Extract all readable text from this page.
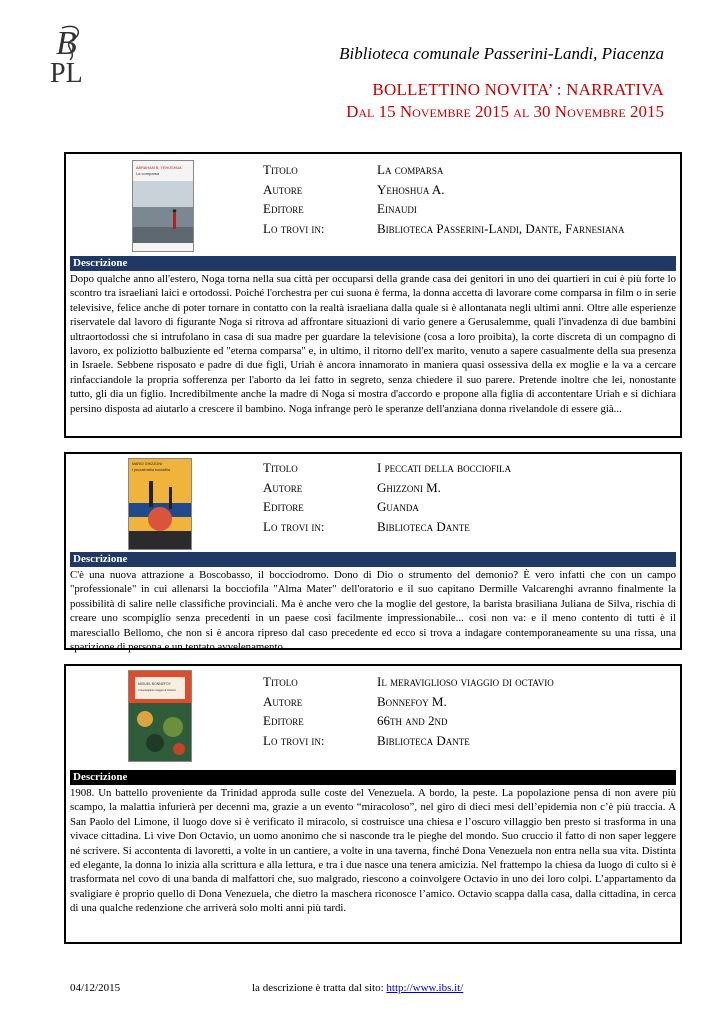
B
PL
Biblioteca comunale Passerini-Landi, Piacenza
BOLLETTINO NOVITA’ : NARRATIVA
Dal 15 Novembre 2015 al 30 Novembre 2015
ABRAHAM B. YEHOSHUA
La comparsa	Titolo	La comparsa
Autore	Yehoshua A.
Editore	Einaudi
Lo trovi in:	Biblioteca Passerini-Landi, Dante, Farnesiana
Descrizione
Dopo qualche anno all'estero, Noga torna nella sua città per occuparsi della grande casa dei genitori in uno dei quartieri in cui è più forte lo scontro tra israeliani laici e ortodossi. Poiché l'orchestra per cui suona è ferma, la donna accetta di lavorare come comparsa in film o in serie televisive, felice anche di poter tornare in contatto con la realtà israeliana dalla quale si è allontanata negli ultimi anni. Oltre alle esperienze riservatele dal lavoro di figurante Noga si ritrova ad affrontare situazioni di vario genere a Gerusalemme, quali l'invadenza di due bambini ultraortodossi che si intrufolano in casa di sua madre per guardare la televisione (cosa a loro proibita), la corte discreta di un compagno di lavoro, ex poliziotto balbuziente ed "eterna comparsa" e, in ultimo, il ritorno dell'ex marito, venuto a sapere casualmente della sua presenza in Israele. Sebbene risposato e padre di due figli, Uriah è ancora innamorato in maniera quasi ossessiva della ex moglie e la va a cercare rinfacciandole la propria sofferenza per l'aborto da lei fatto in segreto, senza chiedere il suo parere. Pretende inoltre che lei, nonostante tutto, gli dia un figlio. Incredibilmente anche la madre di Noga si mostra d'accordo e propone alla figlia di accontentare Uriah e si dichiara persino disposta ad aiutarlo a crescere il bambino. Noga infrange però le speranze dell'anziana donna rivelandole di essere già...
MARIO GHIZZONI
I peccati della bocciofila	Titolo	I peccati della bocciofila
Autore	Ghizzoni M.
Editore	Guanda
Lo trovi in:	Biblioteca Dante
Descrizione
C'è una nuova attrazione a Boscobasso, il bocciodromo. Dono di Dio o strumento del demonio? È vero infatti che con un campo "professionale" in cui allenarsi la bocciofila "Alma Mater" dell'oratorio e il suo capitano Dermille Valcarenghi avranno finalmente la possibilità di salire nelle classifiche provinciali. Ma è anche vero che la moglie del gestore, la barista brasiliana Juliana de Silva, rischia di creare uno scompiglio senza precedenti in un paese così facilmente impressionabile... così non va: e il meno contento di tutti è il maresciallo Bellomo, che non si è ancora ripreso dal caso precedente ed ecco si trova a indagare contemporaneamente su una rissa, una sparizione di persona e un tentato avvelenamento...
MIGUEL BONNEFOY
Il meraviglioso viaggio di Octavio
Titolo	Il meraviglioso viaggio di octavio
Autore	Bonnefoy M.
Editore	66th and 2nd
Lo trovi in:	Biblioteca Dante
Descrizione
1908. Un battello proveniente da Trinidad approda sulle coste del Venezuela. A bordo, la peste. La popolazione pensa di non avere più scampo, la malattia infurierà per decenni ma, grazie a un evento “miracoloso”, nel giro di dieci mesi dell’epidemia non c’è più traccia. A San Paolo del Limone, il luogo dove si è verificato il miracolo, si costruisce una chiesa e l’oscuro villaggio ben presto si trasforma in una vivace cittadina. Lì vive Don Octavio, un uomo anonimo che si nasconde tra le pieghe del mondo. Suo cruccio il fatto di non saper leggere né scrivere. Si accontenta di lavoretti, a volte in un cantiere, a volte in una taverna, finché Dona Venezuela non entra nella sua vita. Distinta ed elegante, la donna lo inizia alla scrittura e alla lettura, e tra i due nasce una tenera amicizia. Nel frattempo la chiesa da luogo di culto si è trasformata nel covo di una banda di malfattori che, suo malgrado, riescono a coinvolgere Octavio in uno dei loro colpi. L’appartamento da svaligiare è proprio quello di Dona Venezuela, che dietro la maschera riconosce l’amico. Octavio scappa dalla casa, dalla cittadina, in cerca di una qualche redenzione che arriverà solo molti anni più tardi.
04/12/2015	la descrizione è tratta dal sito: http://www.ibs.it/
